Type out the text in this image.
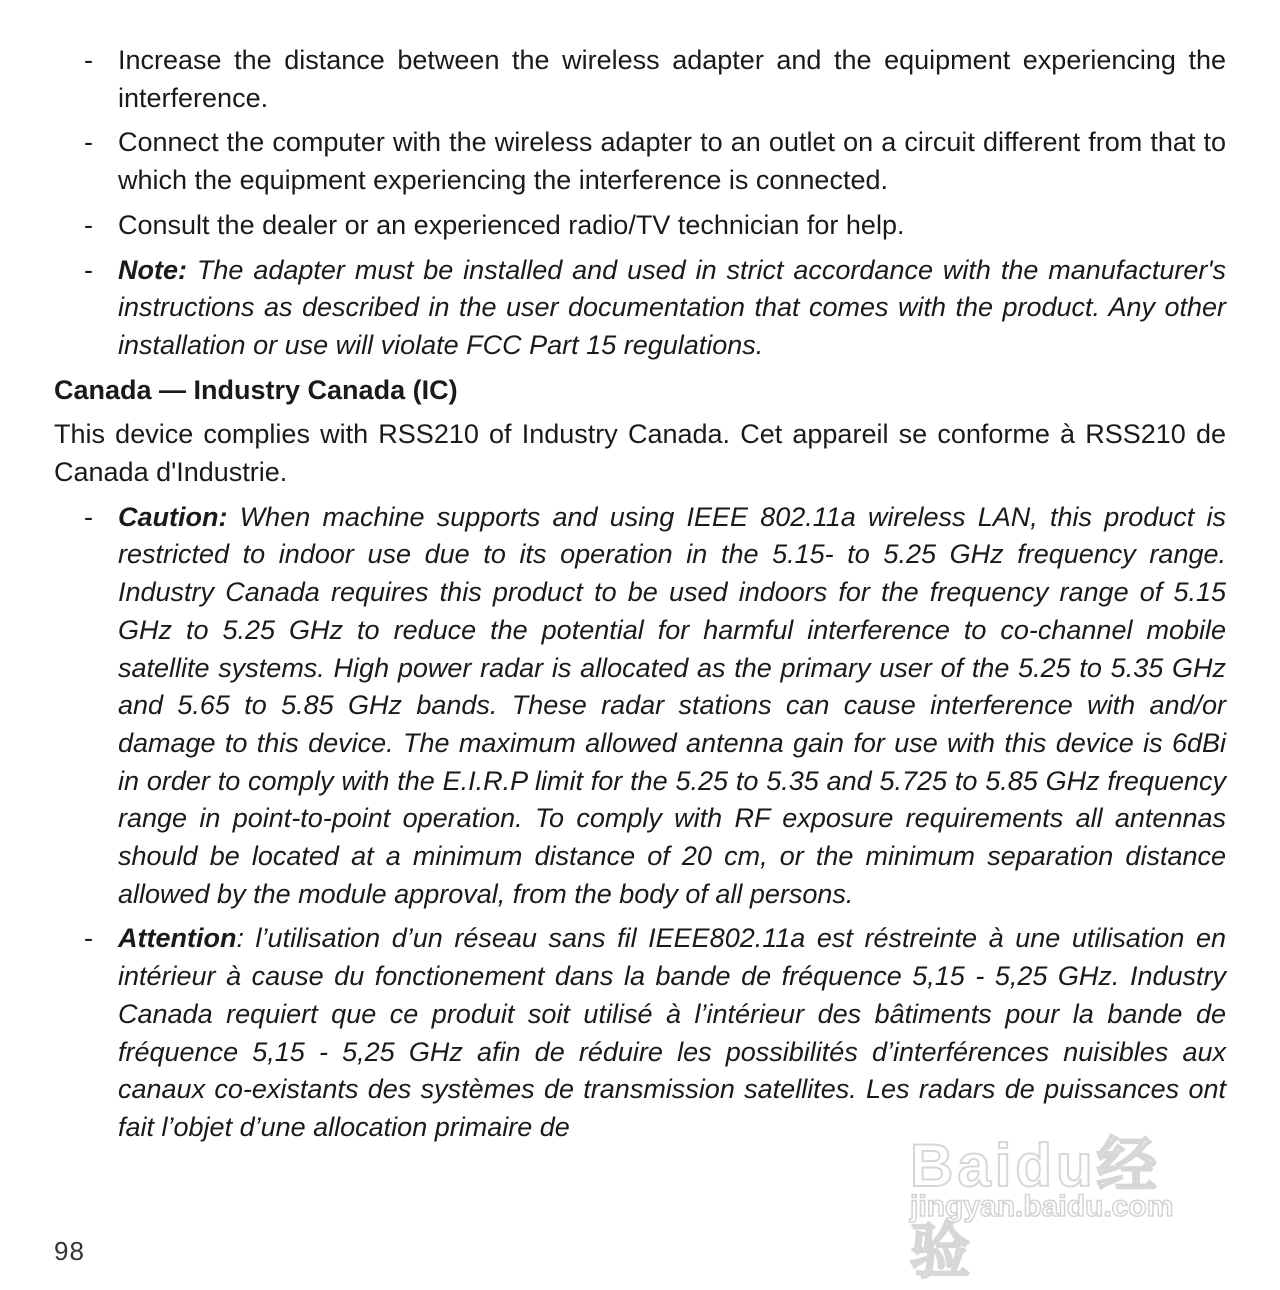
- Increase the distance between the wireless adapter and the equipment experiencing the interference.
- Connect the computer with the wireless adapter to an outlet on a circuit different from that to which the equipment experiencing the interference is connected.
- Consult the dealer or an experienced radio/TV technician for help.
- Note: The adapter must be installed and used in strict accordance with the manufacturer's instructions as described in the user documentation that comes with the product. Any other installation or use will violate FCC Part 15 regulations.
Canada — Industry Canada (IC)
This device complies with RSS210 of Industry Canada. Cet appareil se conforme à RSS210 de Canada d'Industrie.
- Caution: When machine supports and using IEEE 802.11a wireless LAN, this product is restricted to indoor use due to its operation in the 5.15- to 5.25 GHz frequency range. Industry Canada requires this product to be used indoors for the frequency range of 5.15 GHz to 5.25 GHz to reduce the potential for harmful interference to co-channel mobile satellite systems. High power radar is allocated as the primary user of the 5.25 to 5.35 GHz and 5.65 to 5.85 GHz bands. These radar stations can cause interference with and/or damage to this device. The maximum allowed antenna gain for use with this device is 6dBi in order to comply with the E.I.R.P limit for the 5.25 to 5.35 and 5.725 to 5.85 GHz frequency range in point-to-point operation. To comply with RF exposure requirements all antennas should be located at a minimum distance of 20 cm, or the minimum separation distance allowed by the module approval, from the body of all persons.
- Attention: l’utilisation d’un réseau sans fil IEEE802.11a est réstreinte à une utilisation en intérieur à cause du fonctionement dans la bande de fréquence 5,15 - 5,25 GHz. Industry Canada requiert que ce produit soit utilisé à l’intérieur des bâtiments pour la bande de fréquence 5,15 - 5,25 GHz afin de réduire les possibilités d’interférences nuisibles aux canaux co-existants des systèmes de transmission satellites. Les radars de puissances ont fait l’objet d’une allocation primaire de
98
Baidu经验
jingyan.baidu.com
